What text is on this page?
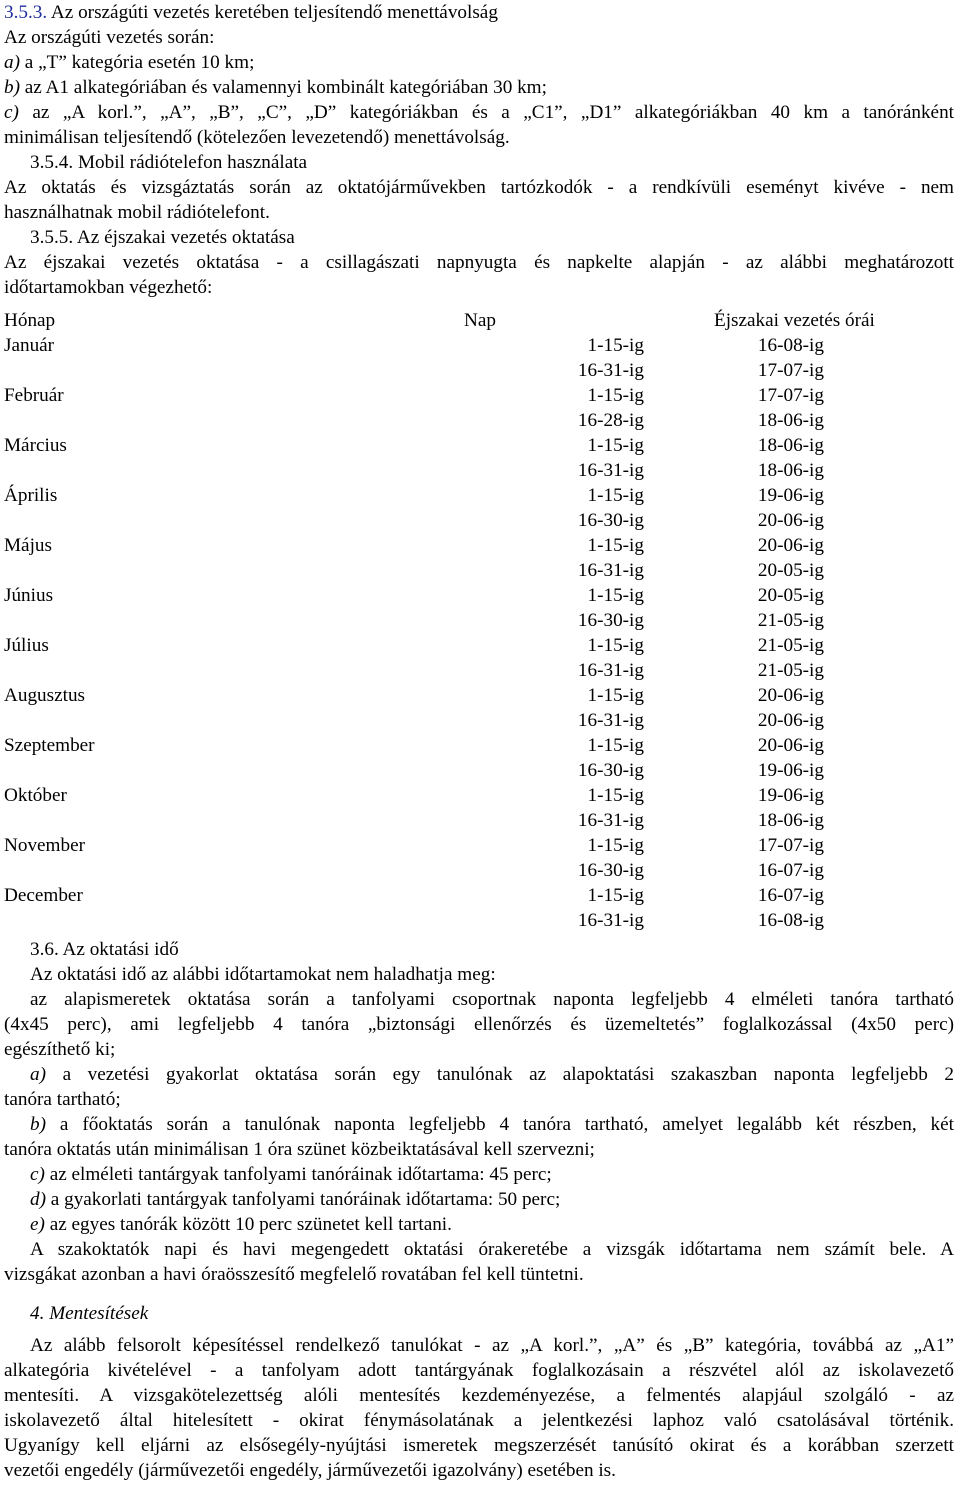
3.5.3. Az országúti vezetés keretében teljesítendő menettávolság
Az országúti vezetés során:
a) a „T” kategória esetén 10 km;
b) az A1 alkategóriában és valamennyi kombinált kategóriában 30 km;
c) az „A korl.”, „A”, „B”, „C”, „D” kategóriákban és a „C1”, „D1” alkategóriákban 40 km a tanóránként
minimálisan teljesítendő (kötelezően levezetendő) menettávolság.
3.5.4. Mobil rádiótelefon használata
Az oktatás és vizsgáztatás során az oktatójárművekben tartózkodók - a rendkívüli eseményt kivéve - nem
használhatnak mobil rádiótelefont.
3.5.5. Az éjszakai vezetés oktatása
Az éjszakai vezetés oktatása - a csillagászati napnyugta és napkelte alapján - az alábbi meghatározott
időtartamokban végezhető:
Hónap	Nap	Éjszakai vezetés órái
Január	1-15-ig	16-08-ig
	16-31-ig	17-07-ig
Február	1-15-ig	17-07-ig
	16-28-ig	18-06-ig
Március	1-15-ig	18-06-ig
	16-31-ig	18-06-ig
Április	1-15-ig	19-06-ig
	16-30-ig	20-06-ig
Május	1-15-ig	20-06-ig
	16-31-ig	20-05-ig
Június	1-15-ig	20-05-ig
	16-30-ig	21-05-ig
Július	1-15-ig	21-05-ig
	16-31-ig	21-05-ig
Augusztus	1-15-ig	20-06-ig
	16-31-ig	20-06-ig
Szeptember	1-15-ig	20-06-ig
	16-30-ig	19-06-ig
Október	1-15-ig	19-06-ig
	16-31-ig	18-06-ig
November	1-15-ig	17-07-ig
	16-30-ig	16-07-ig
December	1-15-ig	16-07-ig
	16-31-ig	16-08-ig
3.6. Az oktatási idő
Az oktatási idő az alábbi időtartamokat nem haladhatja meg:
az alapismeretek oktatása során a tanfolyami csoportnak naponta legfeljebb 4 elméleti tanóra tartható
(4x45 perc), ami legfeljebb 4 tanóra „biztonsági ellenőrzés és üzemeltetés” foglalkozással (4x50 perc)
egészíthető ki;
a) a vezetési gyakorlat oktatása során egy tanulónak az alapoktatási szakaszban naponta legfeljebb 2
tanóra tartható;
b) a főoktatás során a tanulónak naponta legfeljebb 4 tanóra tartható, amelyet legalább két részben, két
tanóra oktatás után minimálisan 1 óra szünet közbeiktatásával kell szervezni;
c) az elméleti tantárgyak tanfolyami tanóráinak időtartama: 45 perc;
d) a gyakorlati tantárgyak tanfolyami tanóráinak időtartama: 50 perc;
e) az egyes tanórák között 10 perc szünetet kell tartani.
A szakoktatók napi és havi megengedett oktatási órakeretébe a vizsgák időtartama nem számít bele. A
vizsgákat azonban a havi óraösszesítő megfelelő rovatában fel kell tüntetni.
4. Mentesítések
Az alább felsorolt képesítéssel rendelkező tanulókat - az „A korl.”, „A” és „B” kategória, továbbá az „A1”
alkategória kivételével - a tanfolyam adott tantárgyának foglalkozásain a részvétel alól az iskolavezető
mentesíti. A vizsgakötelezettség alóli mentesítés kezdeményezése, a felmentés alapjául szolgáló - az
iskolavezető által hitelesített - okirat fénymásolatának a jelentkezési laphoz való csatolásával történik.
Ugyanígy kell eljárni az elsősegély-nyújtási ismeretek megszerzését tanúsító okirat és a korábban szerzett
vezetői engedély (járművezetői engedély, járművezetői igazolvány) esetében is.
